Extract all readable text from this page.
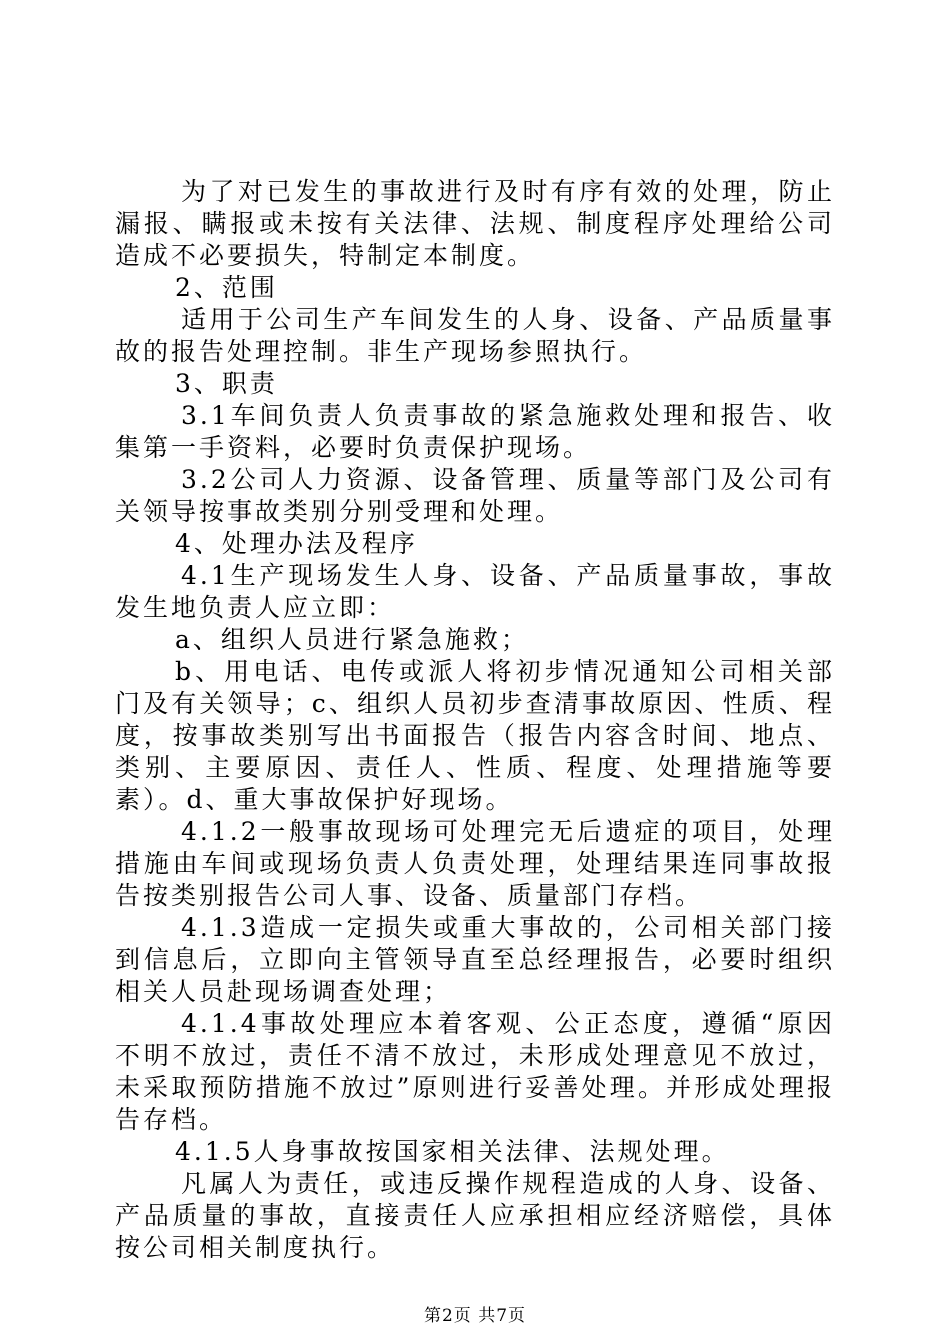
为了对已发生的事故进行及时有序有效的处理，防止漏报、瞒报或未按有关法律、法规、制度程序处理给公司造成不必要损失，特制定本制度。

2、范围

适用于公司生产车间发生的人身、设备、产品质量事故的报告处理控制。非生产现场参照执行。

3、职责

3.1车间负责人负责事故的紧急施救处理和报告、收集第一手资料，必要时负责保护现场。

3.2公司人力资源、设备管理、质量等部门及公司有关领导按事故类别分别受理和处理。

4、处理办法及程序

4.1生产现场发生人身、设备、产品质量事故，事故发生地负责人应立即：

a、组织人员进行紧急施救；

b、用电话、电传或派人将初步情况通知公司相关部门及有关领导；c、组织人员初步查清事故原因、性质、程度，按事故类别写出书面报告（报告内容含时间、地点、类别、主要原因、责任人、性质、程度、处理措施等要素）。d、重大事故保护好现场。

4.1.2一般事故现场可处理完无后遗症的项目，处理措施由车间或现场负责人负责处理，处理结果连同事故报告按类别报告公司人事、设备、质量部门存档。

4.1.3造成一定损失或重大事故的，公司相关部门接到信息后，立即向主管领导直至总经理报告，必要时组织相关人员赴现场调查处理；

4.1.4事故处理应本着客观、公正态度，遵循“原因不明不放过，责任不清不放过，未形成处理意见不放过，未采取预防措施不放过”原则进行妥善处理。并形成处理报告存档。

4.1.5人身事故按国家相关法律、法规处理。

凡属人为责任，或违反操作规程造成的人身、设备、产品质量的事故，直接责任人应承担相应经济赔偿，具体按公司相关制度执行。

第2页 共7页
